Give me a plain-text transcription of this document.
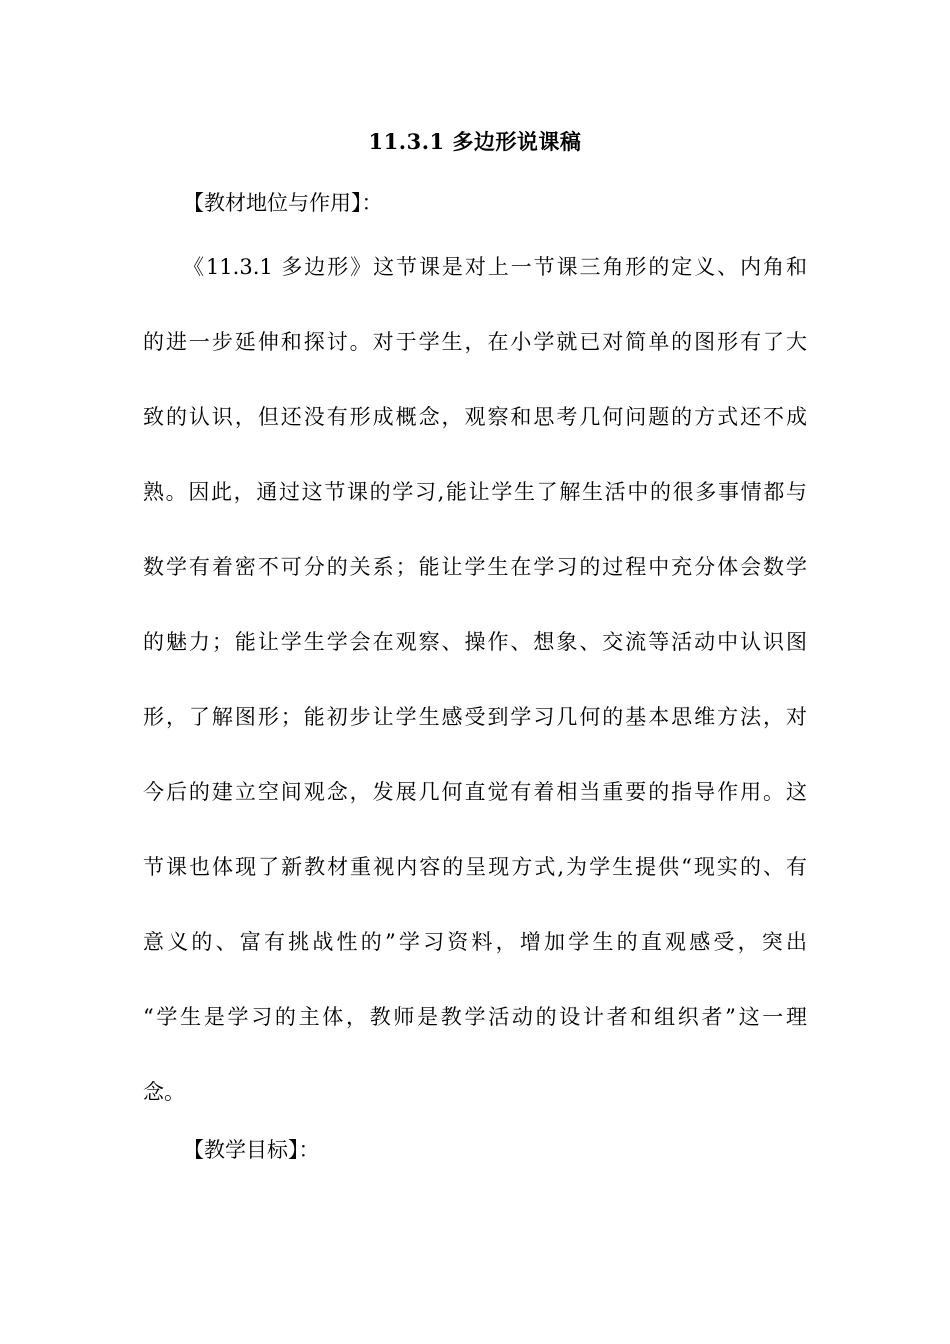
11.3.1 多边形说课稿
【教材地位与作用】：
《11.3.1 多边形》这节课是对上一节课三角形的定义、内角和
的进一步延伸和探讨。对于学生，在小学就已对简单的图形有了大
致的认识，但还没有形成概念，观察和思考几何问题的方式还不成
熟。因此，通过这节课的学习,能让学生了解生活中的很多事情都与
数学有着密不可分的关系；能让学生在学习的过程中充分体会数学
的魅力；能让学生学会在观察、操作、想象、交流等活动中认识图
形，了解图形；能初步让学生感受到学习几何的基本思维方法，对
今后的建立空间观念，发展几何直觉有着相当重要的指导作用。这
节课也体现了新教材重视内容的呈现方式,为学生提供“现实的、有
意义的、富有挑战性的”学习资料，增加学生的直观感受，突出
“学生是学习的主体，教师是教学活动的设计者和组织者”这一理
念。
【教学目标】：
